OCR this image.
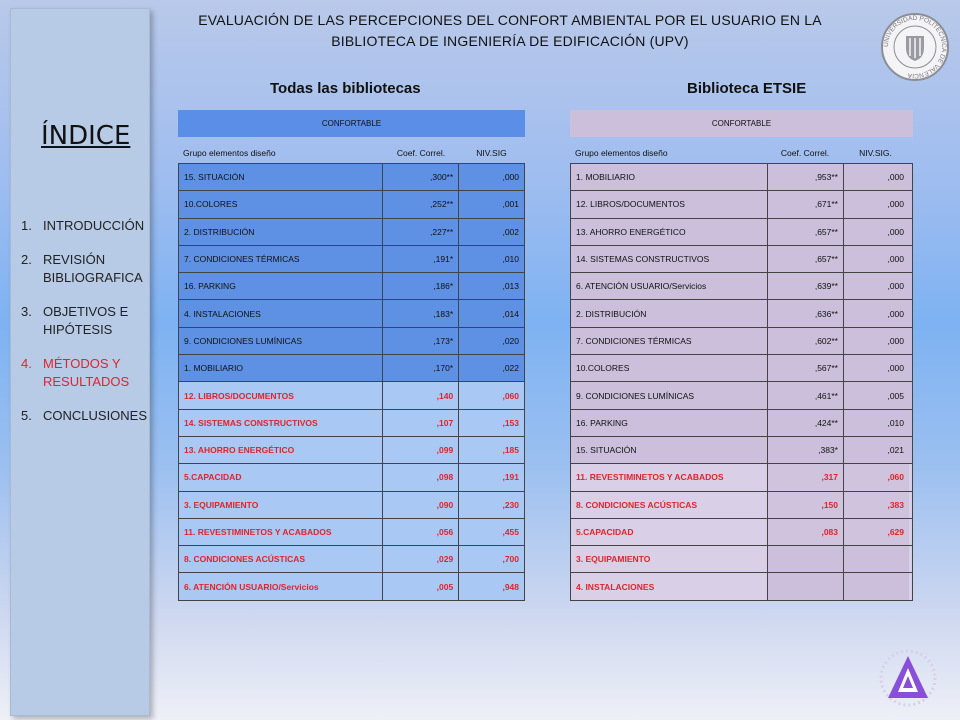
ÍNDICE
1. INTRODUCCIÓN
2. REVISIÓN BIBLIOGRAFICA
3. OBJETIVOS E HIPÓTESIS
4. MÉTODOS Y RESULTADOS
5. CONCLUSIONES
EVALUACIÓN DE LAS PERCEPCIONES DEL CONFORT AMBIENTAL POR EL USUARIO EN LA
BIBLIOTECA DE INGENIERÍA DE EDIFICACIÓN (UPV)	UNIVERSIDAD POLITÉCNICA DE VALENCIA
Todas las bibliotecas	Biblioteca ETSIE
CONFORTABLE
Grupo elementos diseño	Coef. Correl.	NIV.SIG
15. SITUACIÓN	,300**	,000
10.COLORES	,252**	,001
2. DISTRIBUCIÓN	,227**	,002
7. CONDICIONES TÉRMICAS	,191*	,010
16. PARKING	,186*	,013
4. INSTALACIONES	,183*	,014
9. CONDICIONES LUMÍNICAS	,173*	,020
1. MOBILIARIO	,170*	,022
12. LIBROS/DOCUMENTOS	,140	,060
14. SISTEMAS CONSTRUCTIVOS	,107	,153
13. AHORRO ENERGÉTICO	,099	,185
5.CAPACIDAD	,098	,191
3. EQUIPAMIENTO	,090	,230
11. REVESTIMINETOS Y ACABADOS	,056	,455
8. CONDICIONES ACÚSTICAS	,029	,700
6. ATENCIÓN USUARIO/Servicios	,005	,948
CONFORTABLE
Grupo elementos diseño	Coef. Correl.	NIV.SIG.
1. MOBILIARIO	,953**	,000
12. LIBROS/DOCUMENTOS	,671**	,000
13. AHORRO ENERGÉTICO	,657**	,000
14. SISTEMAS CONSTRUCTIVOS	,657**	,000
6. ATENCIÓN USUARIO/Servicios	,639**	,000
2. DISTRIBUCIÓN	,636**	,000
7. CONDICIONES TÉRMICAS	,602**	,000
10.COLORES	,567**	,000
9. CONDICIONES LUMÍNICAS	,461**	,005
16. PARKING	,424**	,010
15. SITUACIÓN	,383*	,021
11. REVESTIMINETOS Y ACABADOS	,317	,060
8. CONDICIONES ACÚSTICAS	,150	,383
5.CAPACIDAD	,083	,629
3. EQUIPAMIENTO
4. INSTALACIONES
